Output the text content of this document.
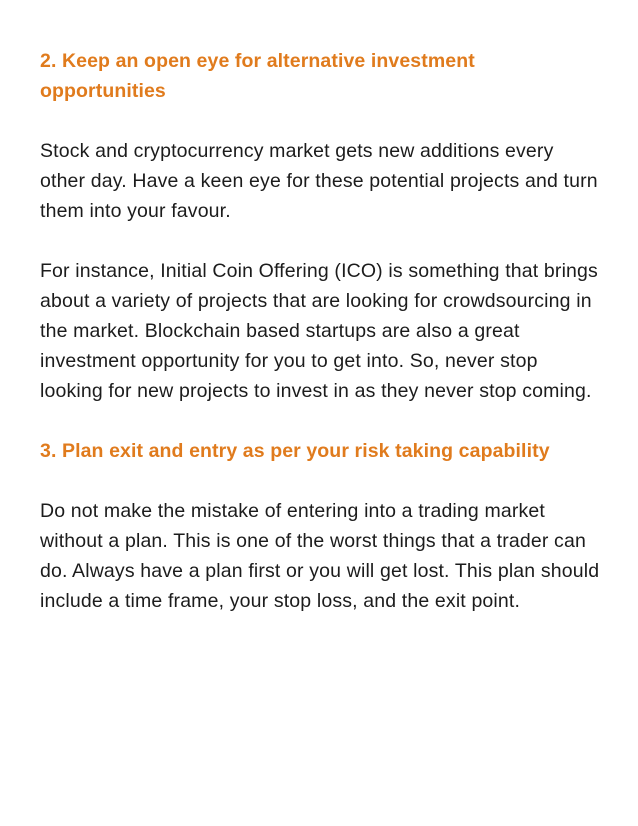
2. Keep an open eye for alternative investment opportunities

Stock and cryptocurrency market gets new additions every other day. Have a keen eye for these potential projects and turn them into your favour.

For instance, Initial Coin Offering (ICO) is something that brings about a variety of projects that are looking for crowdsourcing in the market. Blockchain based startups are also a great investment opportunity for you to get into. So, never stop looking for new projects to invest in as they never stop coming.

3. Plan exit and entry as per your risk taking capability

Do not make the mistake of entering into a trading market without a plan. This is one of the worst things that a trader can do. Always have a plan first or you will get lost. This plan should include a time frame, your stop loss, and the exit point.
